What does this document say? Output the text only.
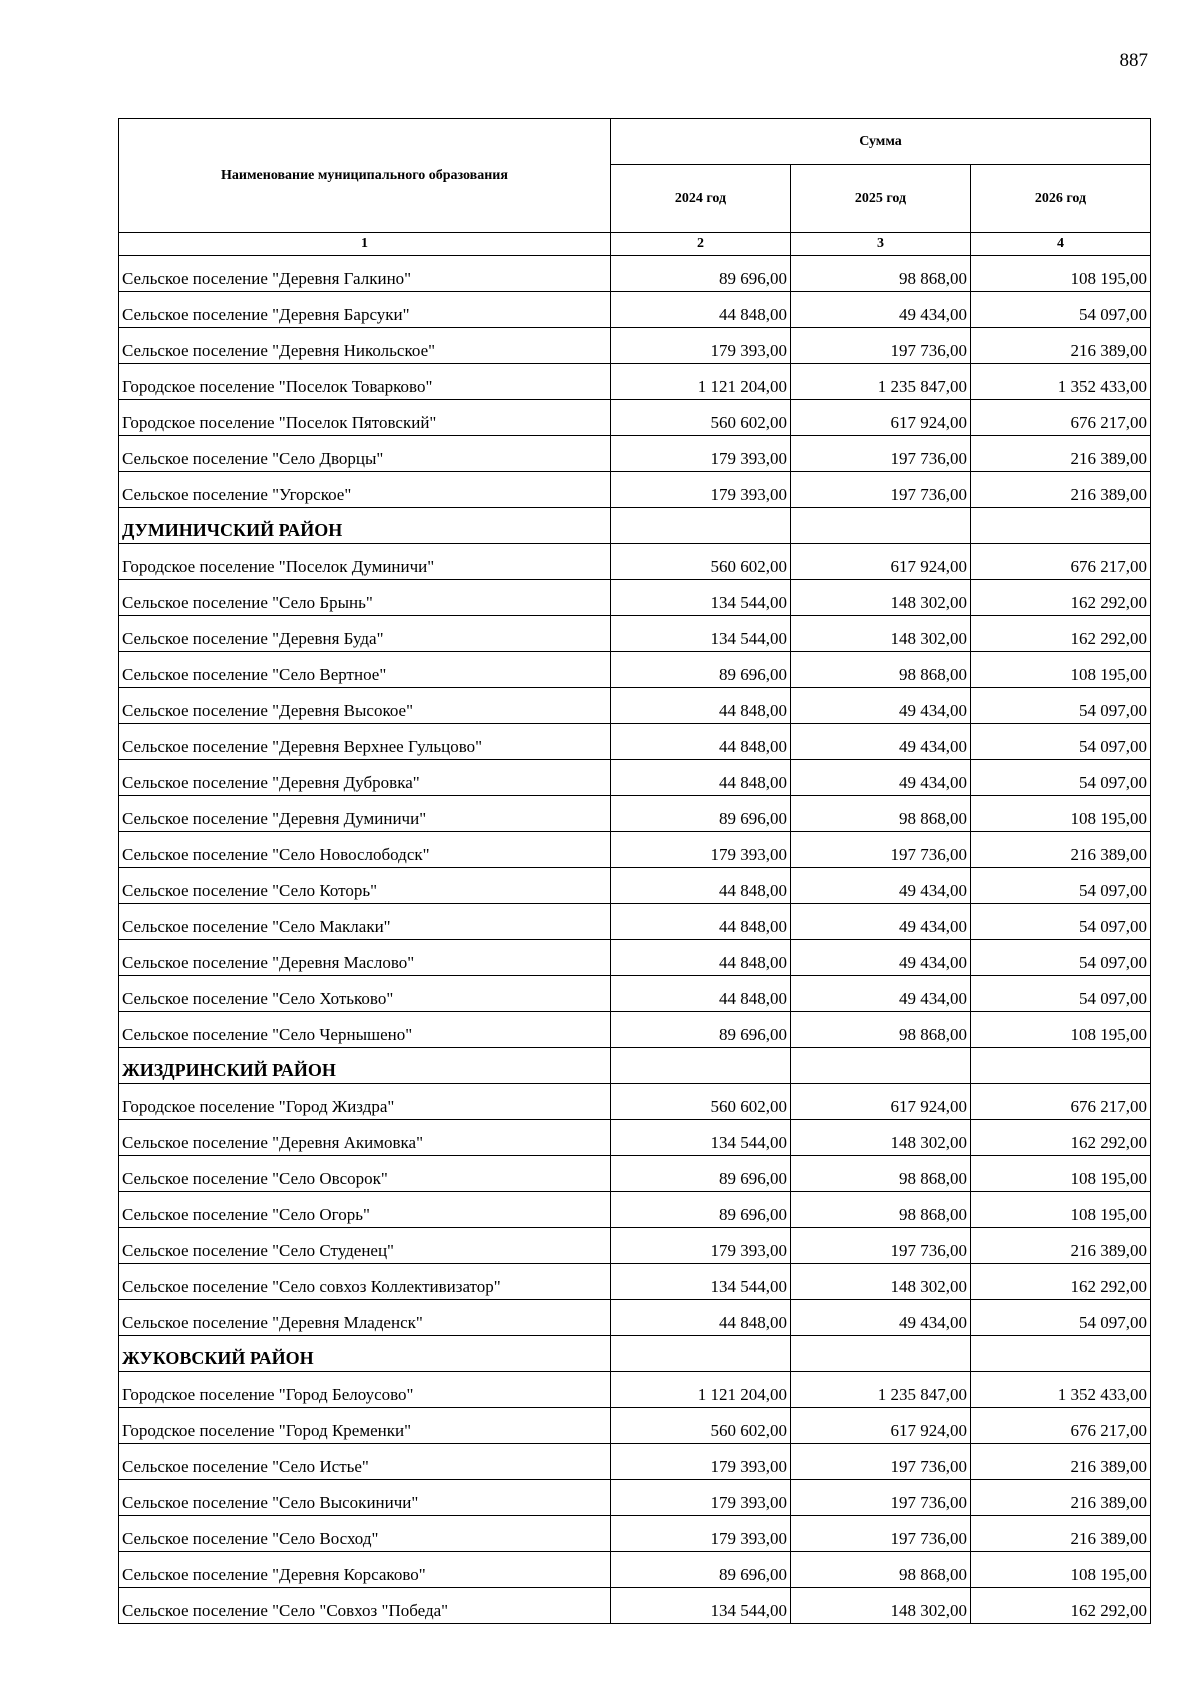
887
Наименование муниципального образования	Сумма		
	2024 год	2025 год	2026 год
1	2	3	4
Сельское поселение "Деревня Галкино"	89 696,00	98 868,00	108 195,00
Сельское поселение "Деревня Барсуки"	44 848,00	49 434,00	54 097,00
Сельское поселение "Деревня Никольское"	179 393,00	197 736,00	216 389,00
Городское поселение "Поселок Товарково"	1 121 204,00	1 235 847,00	1 352 433,00
Городское поселение "Поселок Пятовский"	560 602,00	617 924,00	676 217,00
Сельское поселение "Село Дворцы"	179 393,00	197 736,00	216 389,00
Сельское поселение "Угорское"	179 393,00	197 736,00	216 389,00
ДУМИНИЧСКИЙ РАЙОН			
Городское поселение "Поселок Думиничи"	560 602,00	617 924,00	676 217,00
Сельское поселение "Село Брынь"	134 544,00	148 302,00	162 292,00
Сельское поселение "Деревня Буда"	134 544,00	148 302,00	162 292,00
Сельское поселение "Село Вертное"	89 696,00	98 868,00	108 195,00
Сельское поселение "Деревня Высокое"	44 848,00	49 434,00	54 097,00
Сельское поселение "Деревня Верхнее Гульцово"	44 848,00	49 434,00	54 097,00
Сельское поселение "Деревня Дубровка"	44 848,00	49 434,00	54 097,00
Сельское поселение "Деревня Думиничи"	89 696,00	98 868,00	108 195,00
Сельское поселение "Село Новослободск"	179 393,00	197 736,00	216 389,00
Сельское поселение "Село Которь"	44 848,00	49 434,00	54 097,00
Сельское поселение "Село Маклаки"	44 848,00	49 434,00	54 097,00
Сельское поселение "Деревня Маслово"	44 848,00	49 434,00	54 097,00
Сельское поселение "Село Хотьково"	44 848,00	49 434,00	54 097,00
Сельское поселение "Село Чернышено"	89 696,00	98 868,00	108 195,00
ЖИЗДРИНСКИЙ РАЙОН			
Городское поселение "Город Жиздра"	560 602,00	617 924,00	676 217,00
Сельское поселение "Деревня Акимовка"	134 544,00	148 302,00	162 292,00
Сельское поселение "Село Овсорок"	89 696,00	98 868,00	108 195,00
Сельское поселение "Село Огорь"	89 696,00	98 868,00	108 195,00
Сельское поселение "Село Студенец"	179 393,00	197 736,00	216 389,00
Сельское поселение "Село совхоз Коллективизатор"	134 544,00	148 302,00	162 292,00
Сельское поселение "Деревня Младенск"	44 848,00	49 434,00	54 097,00
ЖУКОВСКИЙ РАЙОН			
Городское поселение "Город Белоусово"	1 121 204,00	1 235 847,00	1 352 433,00
Городское поселение "Город Кременки"	560 602,00	617 924,00	676 217,00
Сельское поселение "Село Истье"	179 393,00	197 736,00	216 389,00
Сельское поселение "Село Высокиничи"	179 393,00	197 736,00	216 389,00
Сельское поселение "Село Восход"	179 393,00	197 736,00	216 389,00
Сельское поселение "Деревня Корсаково"	89 696,00	98 868,00	108 195,00
Сельское поселение "Село "Совхоз "Победа"	134 544,00	148 302,00	162 292,00
